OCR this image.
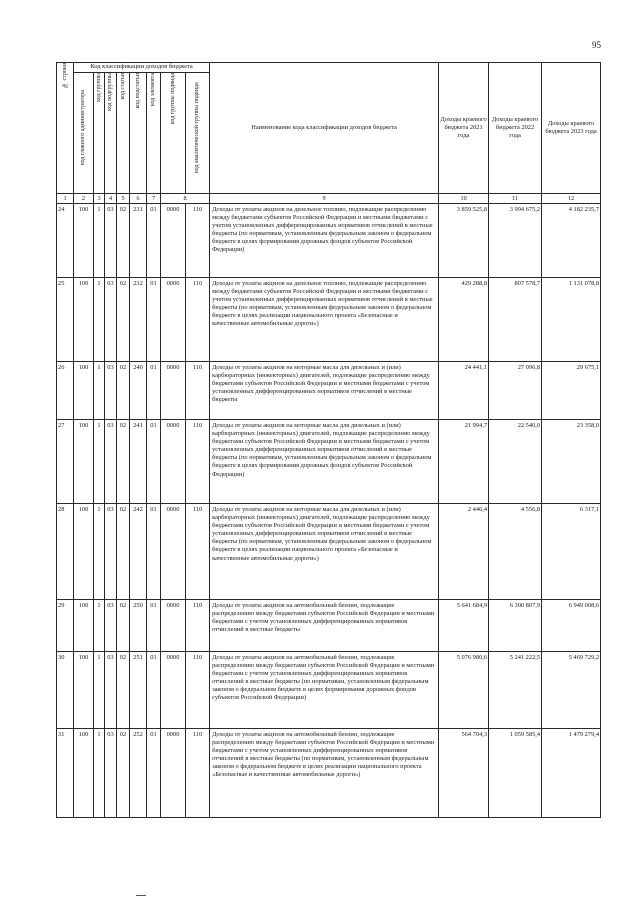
95
№ строки	Код классификации доходов бюджета								Наименование кода классификации доходов бюджета	Доходы краевого бюджета 2021 года	Доходы краевого бюджета 2022 года	Доходы краевого бюджета 2023 года

	код главного администратора	код группы	код подгруппы	код статьи	код подстатьи	код элемента	код группы подвида	код аналитической группы подвида				

1	2	3	4	5	6	7	8		9	10	11	12
24	100	1	03	02	231	01	0000	110	Доходы от уплаты акцизов на дизельное топливо, подлежащие распределению между бюджетами субъектов Российской Федерации и местными бюджетами с учетом установленных дифференцированных нормативов отчислений в местные бюджеты (по нормативам, установленным федеральным законом о федеральном бюджете в целях формирования дорожных фондов субъектов Российской Федерации)	3 859 525,8	3 994 675,2	4 182 235,7
25	100	1	03	02	232	01	0000	110	Доходы от уплаты акцизов на дизельное топливо, подлежащие распределению между бюджетами субъектов Российской Федерации и местными бюджетами с учетом установленных дифференцированных нормативов отчислений в местные бюджеты (по нормативам, установленным федеральным законом о федеральном бюджете в целях реализации национального проекта «Безопасные и качественные автомобильные дороги»)	429 288,8	807 578,7	1 131 078,8
26	100	1	03	02	240	01	0000	110	Доходы от уплаты акцизов на моторные масла для дизельных и (или) карбюраторных (инжекторных) двигателей, подлежащие распределению между бюджетами субъектов Российской Федерации и местными бюджетами с учетом установленных дифференцированных нормативов отчислений в местные бюджеты	24 441,1	27 096,8	29 675,1
27	100	1	03	02	241	01	0000	110	Доходы от уплаты акцизов на моторные масла для дизельных и (или) карбюраторных (инжекторных) двигателей, подлежащие распределению между бюджетами субъектов Российской Федерации и местными бюджетами с учетом установленных дифференцированных нормативов отчислений в местные бюджеты (по нормативам, установленным федеральным законом о федеральном бюджете в целях формирования дорожных фондов субъектов Российской Федерации)	21 994,7	22 540,0	23 358,0
28	100	1	03	02	242	01	0000	110	Доходы от уплаты акцизов на моторные масла для дизельных и (или) карбюраторных (инжекторных) двигателей, подлежащие распределению между бюджетами субъектов Российской Федерации и местными бюджетами с учетом установленных дифференцированных нормативов отчислений в местные бюджеты (по нормативам, установленным федеральным законом о федеральном бюджете в целях реализации национального проекта «Безопасные и качественные автомобильные дороги»)	2 446,4	4 556,8	6 317,1
29	100	1	03	02	250	01	0000	110	Доходы от уплаты акцизов на автомобильный бензин, подлежащие распределению между бюджетами субъектов Российской Федерации и местными бюджетами с учетом установленных дифференцированных нормативов отчислений в местные бюджеты	5 641 684,9	6 300 807,9	6 949 008,6
30	100	1	03	02	251	01	0000	110	Доходы от уплаты акцизов на автомобильный бензин, подлежащие распределению между бюджетами субъектов Российской Федерации и местными бюджетами с учетом установленных дифференцированных нормативов отчислений в местные бюджеты (по нормативам, установленным федеральным законом о федеральном бюджете в целях формирования дорожных фондов субъектов Российской Федерации)	5 076 980,6	5 241 222,5	5 469 729,2
31	100	1	03	02	252	01	0000	110	Доходы от уплаты акцизов на автомобильный бензин, подлежащие распределению между бюджетами субъектов Российской Федерации и местными бюджетами с учетом установленных дифференцированных нормативов отчислений в местные бюджеты (по нормативам, установленным федеральным законом о федеральном бюджете в целях реализации национального проекта «Безопасные и качественные автомобильные дороги»)	564 704,3	1 059 585,4	1 479 279,4
